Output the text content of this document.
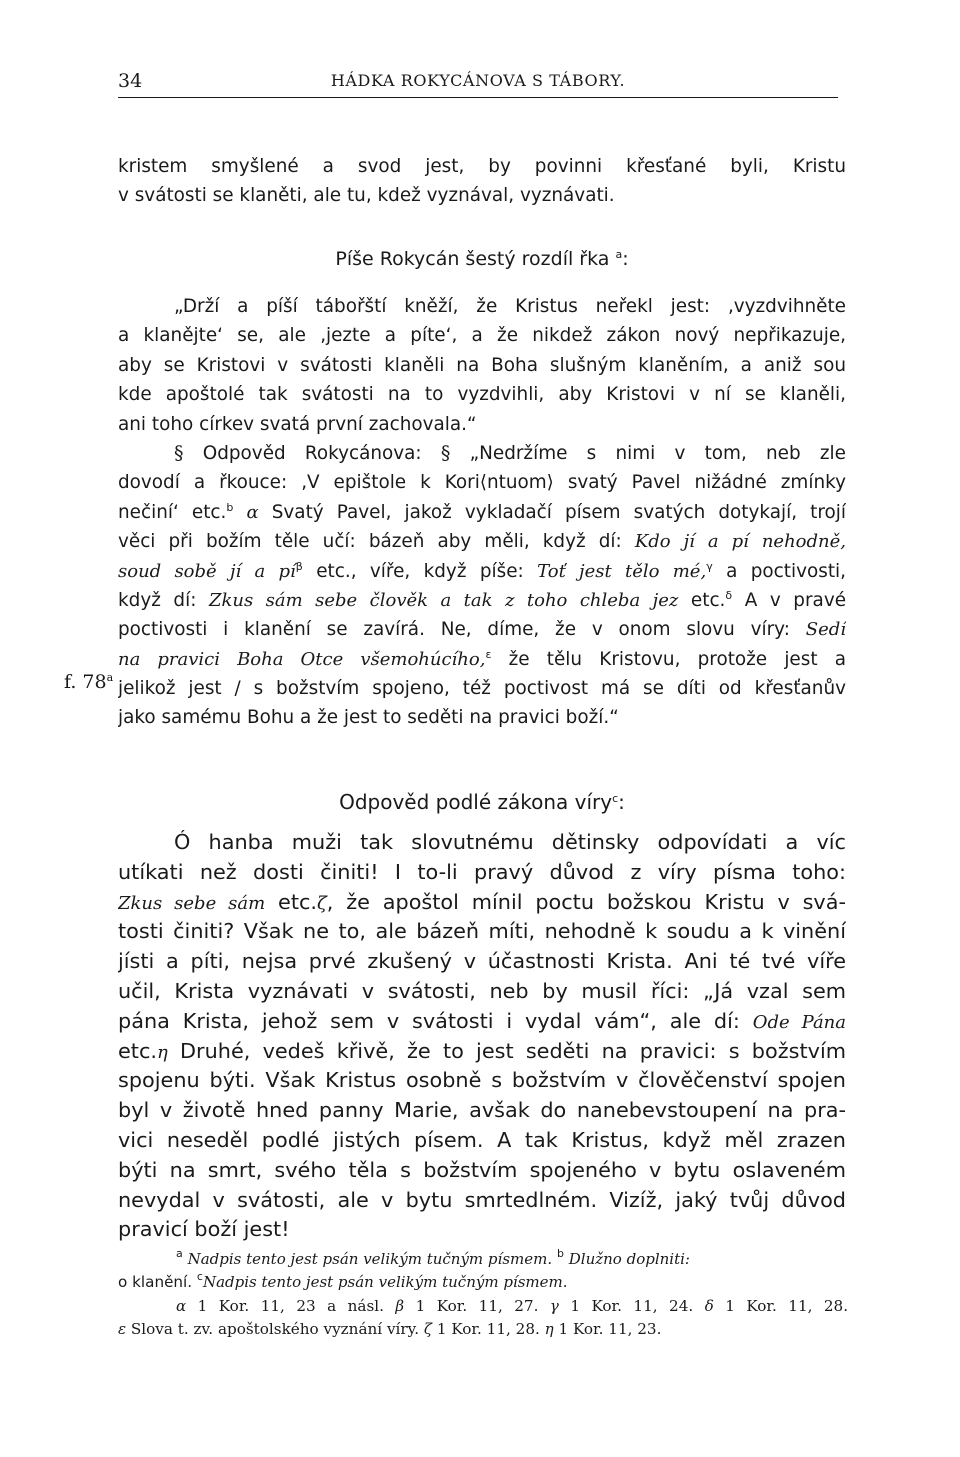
34	HÁDKA ROKYCÁNOVA S TÁBORY.
kristem smyšlené a svod jest, by povinni křesťané byli, Kristu
v svátosti se klaněti, ale tu, kdež vyznával, vyznávati.
Píše Rokycán šestý rozdíl řka $^a$:
„Drží a píší tábořští kněží, že Kristus neřekl jest: ‚vyzdvihněte
a klanějte‘ se, ale ‚jezte a píte‘, a že nikdež zákon nový nepřikazuje,
aby se Kristovi v svátosti klaněli na Boha slušným klaněním, a aniž sou
kde apoštolé tak svátosti na to vyzdvihli, aby Kristovi v ní se klaněli,
ani toho církev svatá první zachovala.“
§ Odpověd Rokycánova: § „Nedržíme s nimi v tom, neb zle
dovodí a řkouce: ‚V epištole k Kori⟨ntuom⟩ svatý Pavel nižádné zmínky
nečiní‘ etc.$^b$ α Svatý Pavel, jakož vykladačí písem svatých dotykají, trojí
věci při božím těle učí: bázeň aby měli, když dí: Kdo jí a pí nehodně,
soud sobě jí a $pí^\beta$ etc., víře, když píše: Toť jest tělo mé,$^\gamma$ a poctivosti,
když dí: Zkus sám sebe člověk a tak z toho chleba jez etc.$^\delta$ A v pravé
poctivosti i klanění se zavírá. Ne, díme, že v onom slovu víry: Sedí
na pravici Boha Otce všemohúcího,$^\varepsilon$ že tělu Kristovu, protože jest a
jelikož jest / s božstvím spojeno, též poctivost má se díti od křesťanův
jako samému Bohu a že jest to seděti na pravici boží.“
f. 78$^a$
Odpověd podlé zákona víry$^c$:
Ó hanba muži tak slovutnému dětinsky odpovídati a víc
utíkati než dosti činiti! I to-li pravý důvod z víry písma toho:
Zkus sebe sám etc.ζ, že apoštol mínil poctu božskou Kristu v svá-
tosti činiti? Však ne to, ale bázeň míti, nehodně k soudu a k vinění
jísti a píti, nejsa prvé zkušený v účastnosti Krista. Ani té tvé víře
učil, Krista vyznávati v svátosti, neb by musil říci: „Já vzal sem
pána Krista, jehož sem v svátosti i vydal vám“, ale dí: Ode Pána
etc.η Druhé, vedeš křivě, že to jest seděti na pravici: s božstvím
spojenu býti. Však Kristus osobně s božstvím v člověčenství spojen
byl v životě hned panny Marie, avšak do nanebevstoupení na pra-
vici neseděl podlé jistých písem. A tak Kristus, když měl zrazen
býti na smrt, svého těla s božstvím spojeného v bytu oslaveném
nevydal v svátosti, ale v bytu smrtedlném. Vizíž, jaký tvůj důvod
pravicí boží jest!
$^a$ Nadpis tento jest psán velikým tučným písmem. $^b$ Dlužno doplniti:
o klanění. $^c$Nadpis tento jest psán velikým tučným písmem.
α 1 Kor. 11, 23 a násl. β 1 Kor. 11, 27. γ 1 Kor. 11, 24. δ 1 Kor. 11, 28.
ε Slova t. zv. apoštolského vyznání víry. ζ 1 Kor. 11, 28. η 1 Kor. 11, 23.
